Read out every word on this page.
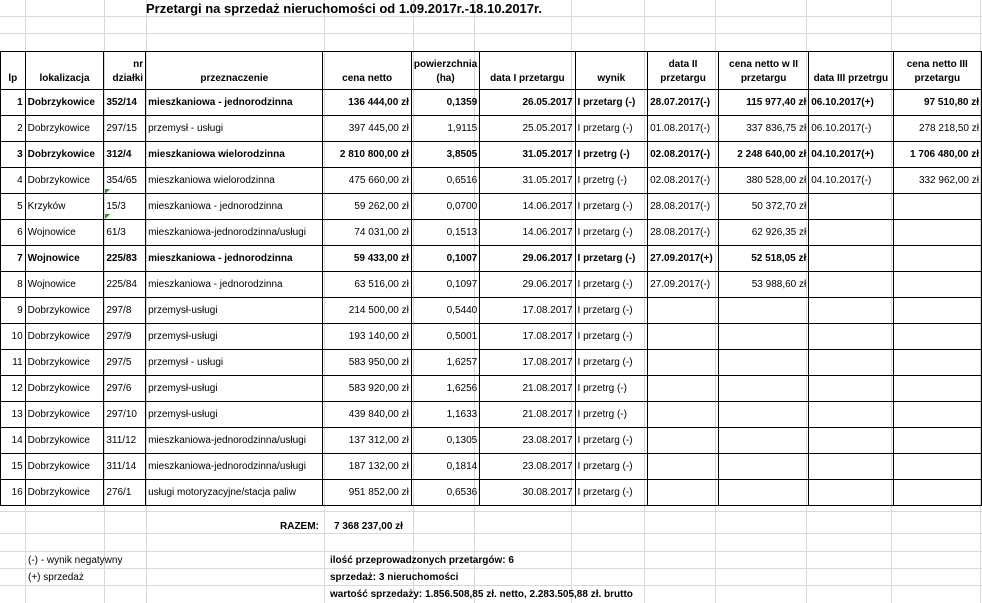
Przetargi na sprzedaż nieruchomości od 1.09.2017r.-18.10.2017r.
lp	lokalizacja	nr działki	przeznaczenie	cena netto	powierzchnia (ha)	data I przetargu	wynik	data II przetargu	cena netto w II przetargu	data III przetrgu	cena netto III przetargu
1	Dobrzykowice	352/14	mieszkaniowa - jednorodzinna	136 444,00 zł	0,1359	26.05.2017	I przetarg (-)	28.07.2017(-)	115 977,40 zł	06.10.2017(+)	97 510,80 zł
2	Dobrzykowice	297/15	przemysł - usługi	397 445,00 zł	1,9115	25.05.2017	I przetarg (-)	01.08.2017(-)	337 836,75 zł	06.10.2017(-)	278 218,50 zł
3	Dobrzykowice	312/4	mieszkaniowa wielorodzinna	2 810 800,00 zł	3,8505	31.05.2017	I przetrg (-)	02.08.2017(-)	2 248 640,00 zł	04.10.2017(+)	1 706 480,00 zł
4	Dobrzykowice	354/65	mieszkaniowa wielorodzinna	475 660,00 zł	0,6516	31.05.2017	I przetrg (-)	02.08.2017(-)	380 528,00 zł	04.10.2017(-)	332 962,00 zł
5	Krzyków	15/3	mieszkaniowa - jednorodzinna	59 262,00 zł	0,0700	14.06.2017	I przetarg (-)	28.08.2017(-)	50 372,70 zł		
6	Wojnowice	61/3	mieszkaniowa-jednorodzinna/usługi	74 031,00 zł	0,1513	14.06.2017	I przetarg (-)	28.08.2017(-)	62 926,35 zł		
7	Wojnowice	225/83	mieszkaniowa - jednorodzinna	59 433,00 zł	0,1007	29.06.2017	I przetarg (-)	27.09.2017(+)	52 518,05 zł		
8	Wojnowice	225/84	mieszkaniowa - jednorodzinna	63 516,00 zł	0,1097	29.06.2017	I przetarg (-)	27.09.2017(-)	53 988,60 zł		
9	Dobrzykowice	297/8	przemysł-usługi	214 500,00 zł	0,5440	17.08.2017	I przetarg (-)				
10	Dobrzykowice	297/9	przemysł-usługi	193 140,00 zł	0,5001	17.08.2017	I przetarg (-)				
11	Dobrzykowice	297/5	przemysł - usługi	583 950,00 zł	1,6257	17.08.2017	I przetarg (-)				
12	Dobrzykowice	297/6	przemysł-usługi	583 920,00 zł	1,6256	21.08.2017	I przetrg (-)				
13	Dobrzykowice	297/10	przemysł-usługi	439 840,00 zł	1,1633	21.08.2017	I przetrg (-)				
14	Dobrzykowice	311/12	mieszkaniowa-jednorodzinna/usługi	137 312,00 zł	0,1305	23.08.2017	I przetarg (-)				
15	Dobrzykowice	311/14	mieszkaniowa-jednorodzinna/usługi	187 132,00 zł	0,1814	23.08.2017	I przetarg (-)				
16	Dobrzykowice	276/1	usługi motoryzacyjne/stacja paliw	951 852,00 zł	0,6536	30.08.2017	I przetarg (-)				
RAZEM: 7 368 237,00 zł
(-) - wynik negatywny
(+) sprzedaż
ilość przeprowadzonych przetargów: 6
sprzedaż: 3 nieruchomości
wartość sprzedaży: 1.856.508,85 zł. netto, 2.283.505,88 zł. brutto
